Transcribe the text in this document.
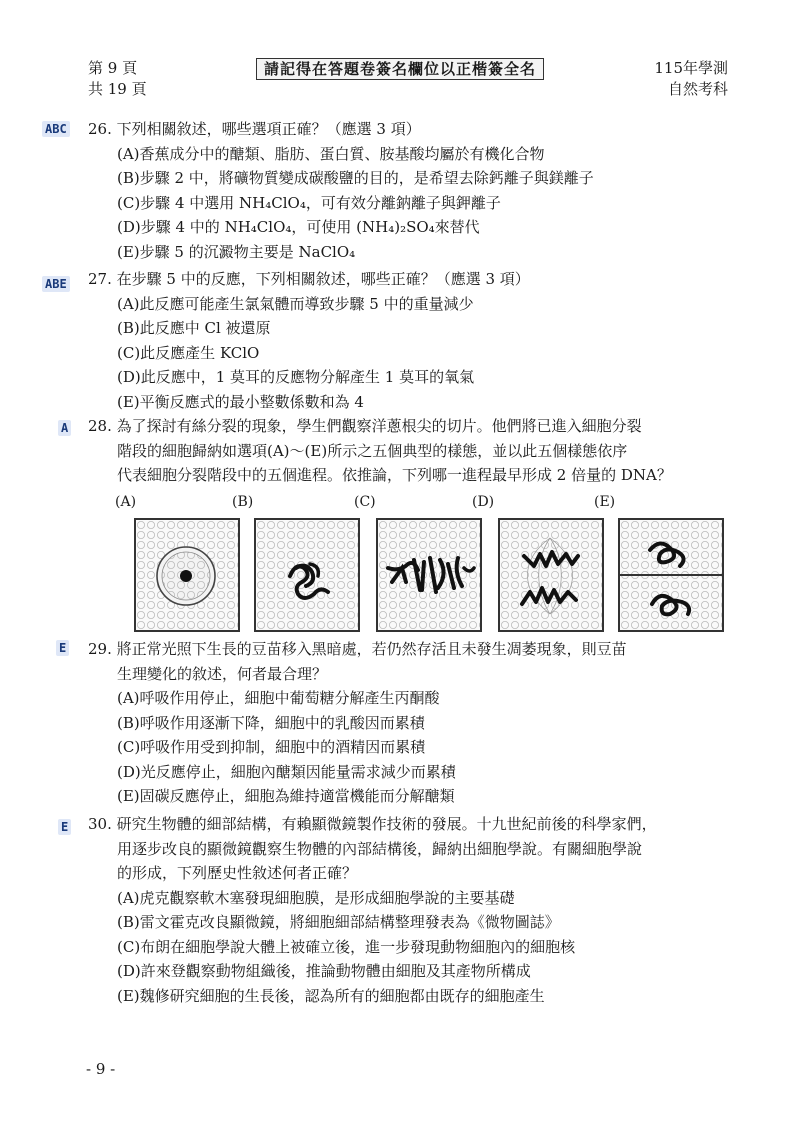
第 9 頁
共 19 頁
請記得在答題卷簽名欄位以正楷簽全名	115年學測
自然考科
ABC 26. 下列相關敘述，哪些選項正確？（應選 3 項）
(A)香蕉成分中的醣類、脂肪、蛋白質、胺基酸均屬於有機化合物
(B)步驟 2 中，將礦物質變成碳酸鹽的目的，是希望去除鈣離子與鎂離子
(C)步驟 4 中選用 NH₄ClO₄，可有效分離鈉離子與鉀離子
(D)步驟 4 中的 NH₄ClO₄，可使用 (NH₄)₂SO₄來替代
(E)步驟 5 的沉澱物主要是 NaClO₄
ABE 27. 在步驟 5 中的反應，下列相關敘述，哪些正確？（應選 3 項）
(A)此反應可能產生氯氣體而導致步驟 5 中的重量減少
(B)此反應中 Cl 被還原
(C)此反應產生 KClO
(D)此反應中，1 莫耳的反應物分解產生 1 莫耳的氧氣
(E)平衡反應式的最小整數係數和為 4
A 28. 為了探討有絲分裂的現象，學生們觀察洋蔥根尖的切片。他們將已進入細胞分裂
階段的細胞歸納如選項(A)～(E)所示之五個典型的樣態，並以此五個樣態依序
代表細胞分裂階段中的五個進程。依推論，下列哪一進程最早形成 2 倍量的 DNA？
(A)	(B)	(C)	(D)	(E)
E 29. 將正常光照下生長的豆苗移入黑暗處，若仍然存活且未發生凋萎現象，則豆苗
生理變化的敘述，何者最合理？
(A)呼吸作用停止，細胞中葡萄糖分解產生丙酮酸
(B)呼吸作用逐漸下降，細胞中的乳酸因而累積
(C)呼吸作用受到抑制，細胞中的酒精因而累積
(D)光反應停止，細胞內醣類因能量需求減少而累積
(E)固碳反應停止，細胞為維持適當機能而分解醣類
E 30. 研究生物體的細部結構，有賴顯微鏡製作技術的發展。十九世紀前後的科學家們，
用逐步改良的顯微鏡觀察生物體的內部結構後，歸納出細胞學說。有關細胞學說
的形成，下列歷史性敘述何者正確？
(A)虎克觀察軟木塞發現細胞膜，是形成細胞學說的主要基礎
(B)雷文霍克改良顯微鏡，將細胞細部結構整理發表為《微物圖誌》
(C)布朗在細胞學說大體上被確立後，進一步發現動物細胞內的細胞核
(D)許來登觀察動物組織後，推論動物體由細胞及其產物所構成
(E)魏修研究細胞的生長後，認為所有的細胞都由既存的細胞產生
- 9 -
